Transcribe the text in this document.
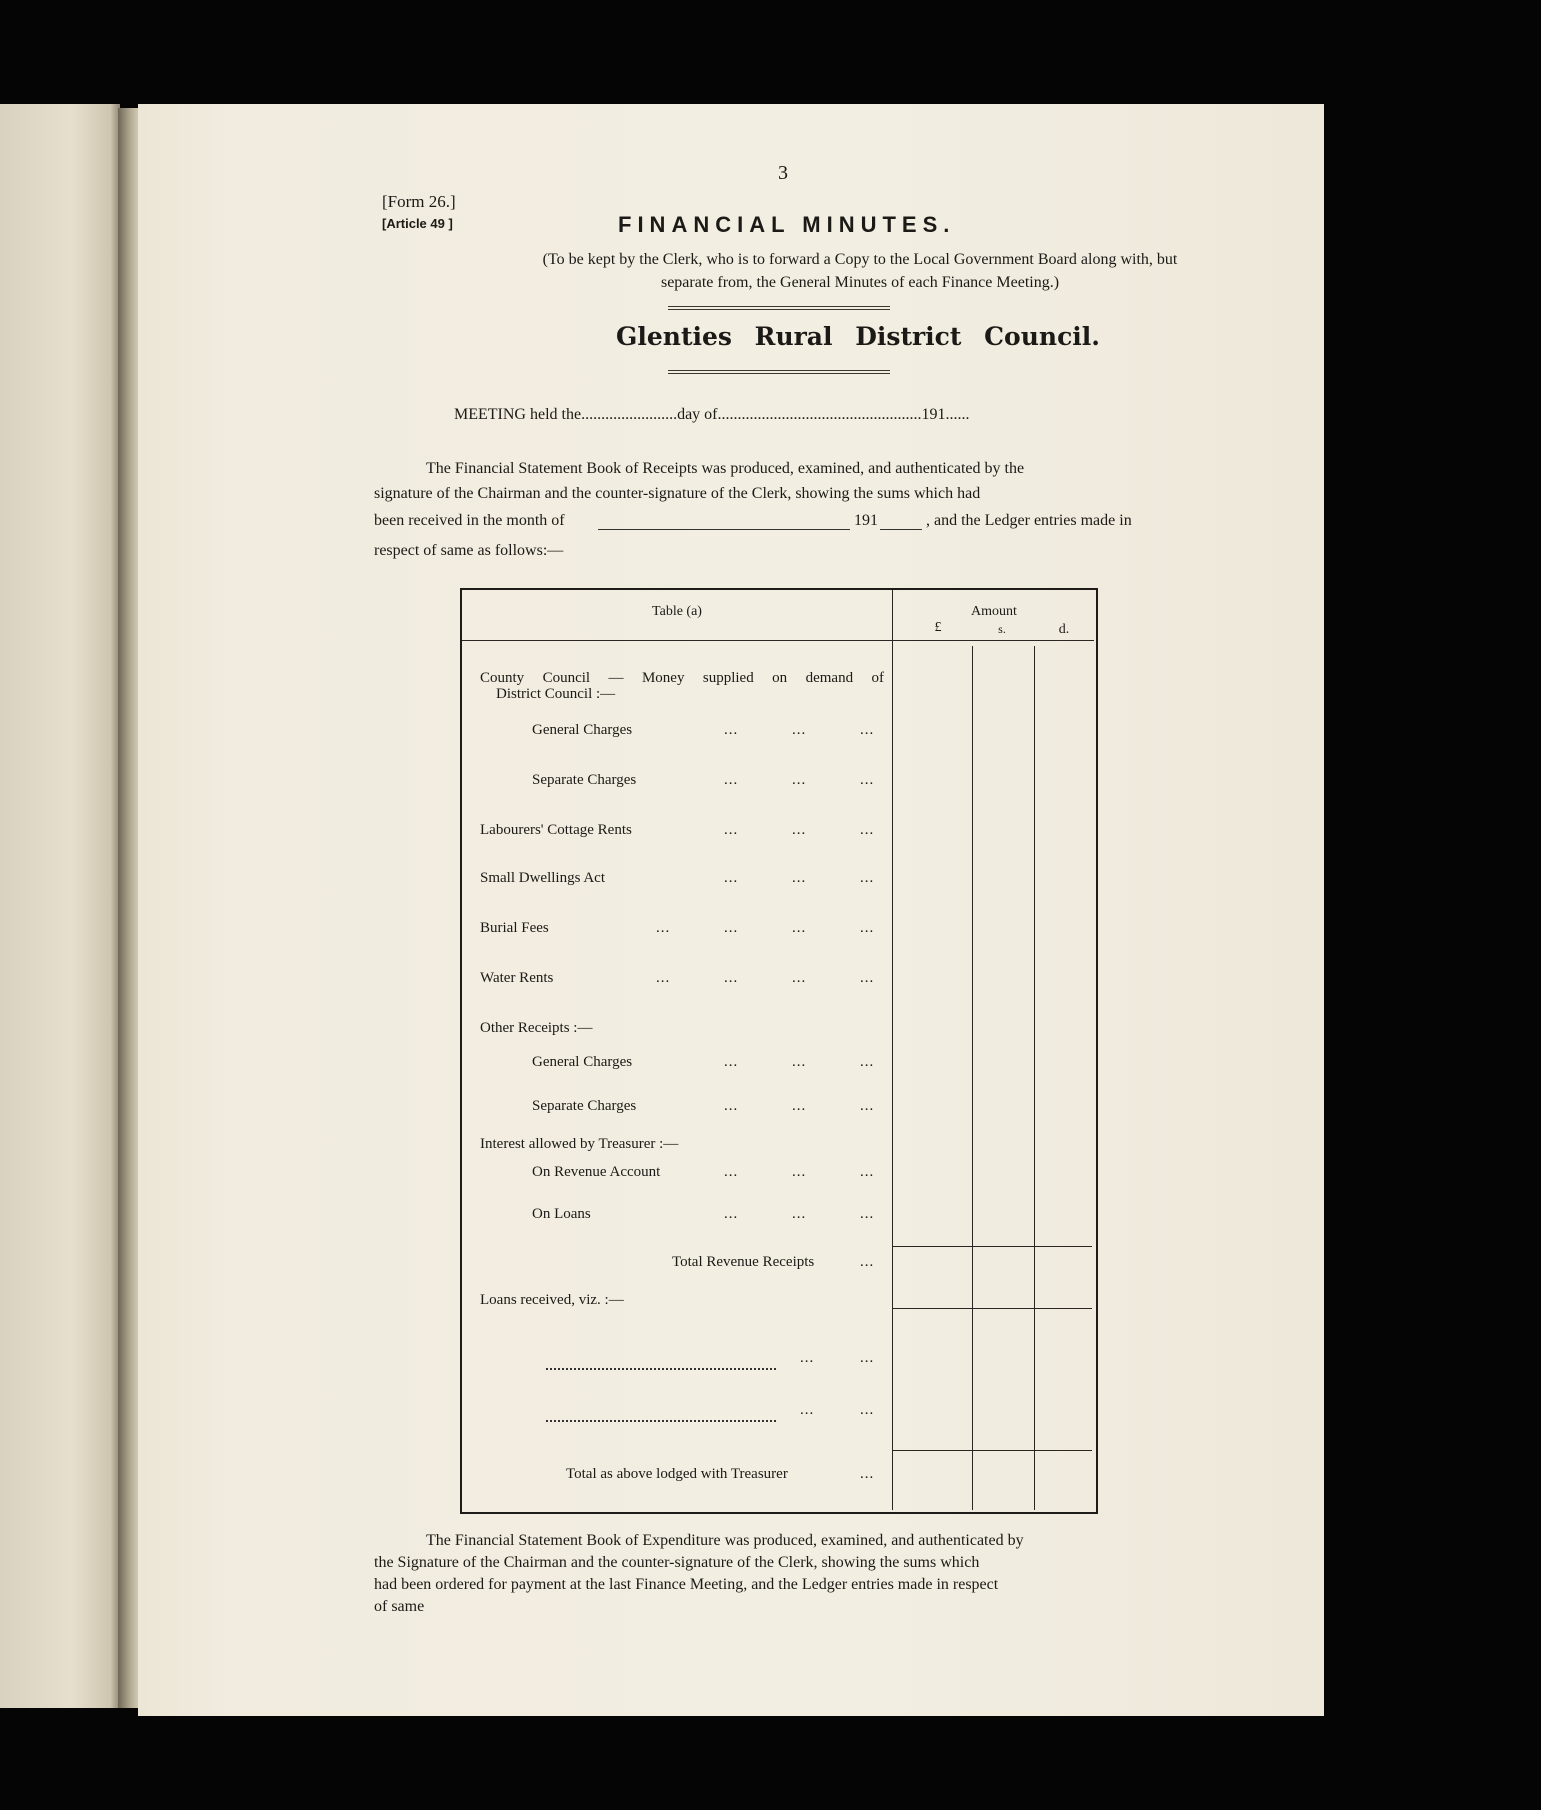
3
[Form 26.]
[Article 49 ]	FINANCIAL MINUTES.
(To be kept by the Clerk, who is to forward a Copy to the Local Government Board along with, but
separate from, the General Minutes of each Finance Meeting.)
Glenties Rural District Council.
MEETING held the........................day of...................................................191......
The Financial Statement Book of Receipts was produced, examined, and authenticated by the
signature of the Chairman and the counter-signature of the Clerk, showing the sums which had
been received in the month of	191	, and the Ledger entries made in
respect of same as follows:—
Table (a)	Amount
£	s.	d.
County Council — Money supplied on demand of
District Council :—
General Charges	...	...	...
Separate Charges	...	...	...
Labourers' Cottage Rents	...	...	...
Small Dwellings Act	...	...	...
Burial Fees	...	...	...	...
Water Rents	...	...	...	...
Other Receipts :—
General Charges	...	...	...
Separate Charges	...	...	...
Interest allowed by Treasurer :—
On Revenue Account	...	...	...
On Loans	...	...	...
Total Revenue Receipts	...
Loans received, viz. :—
...	...
...	...
Total as above lodged with Treasurer	...
The Financial Statement Book of Expenditure was produced, examined, and authenticated by
the Signature of the Chairman and the counter-signature of the Clerk, showing the sums which
had been ordered for payment at the last Finance Meeting, and the Ledger entries made in respect
of same
